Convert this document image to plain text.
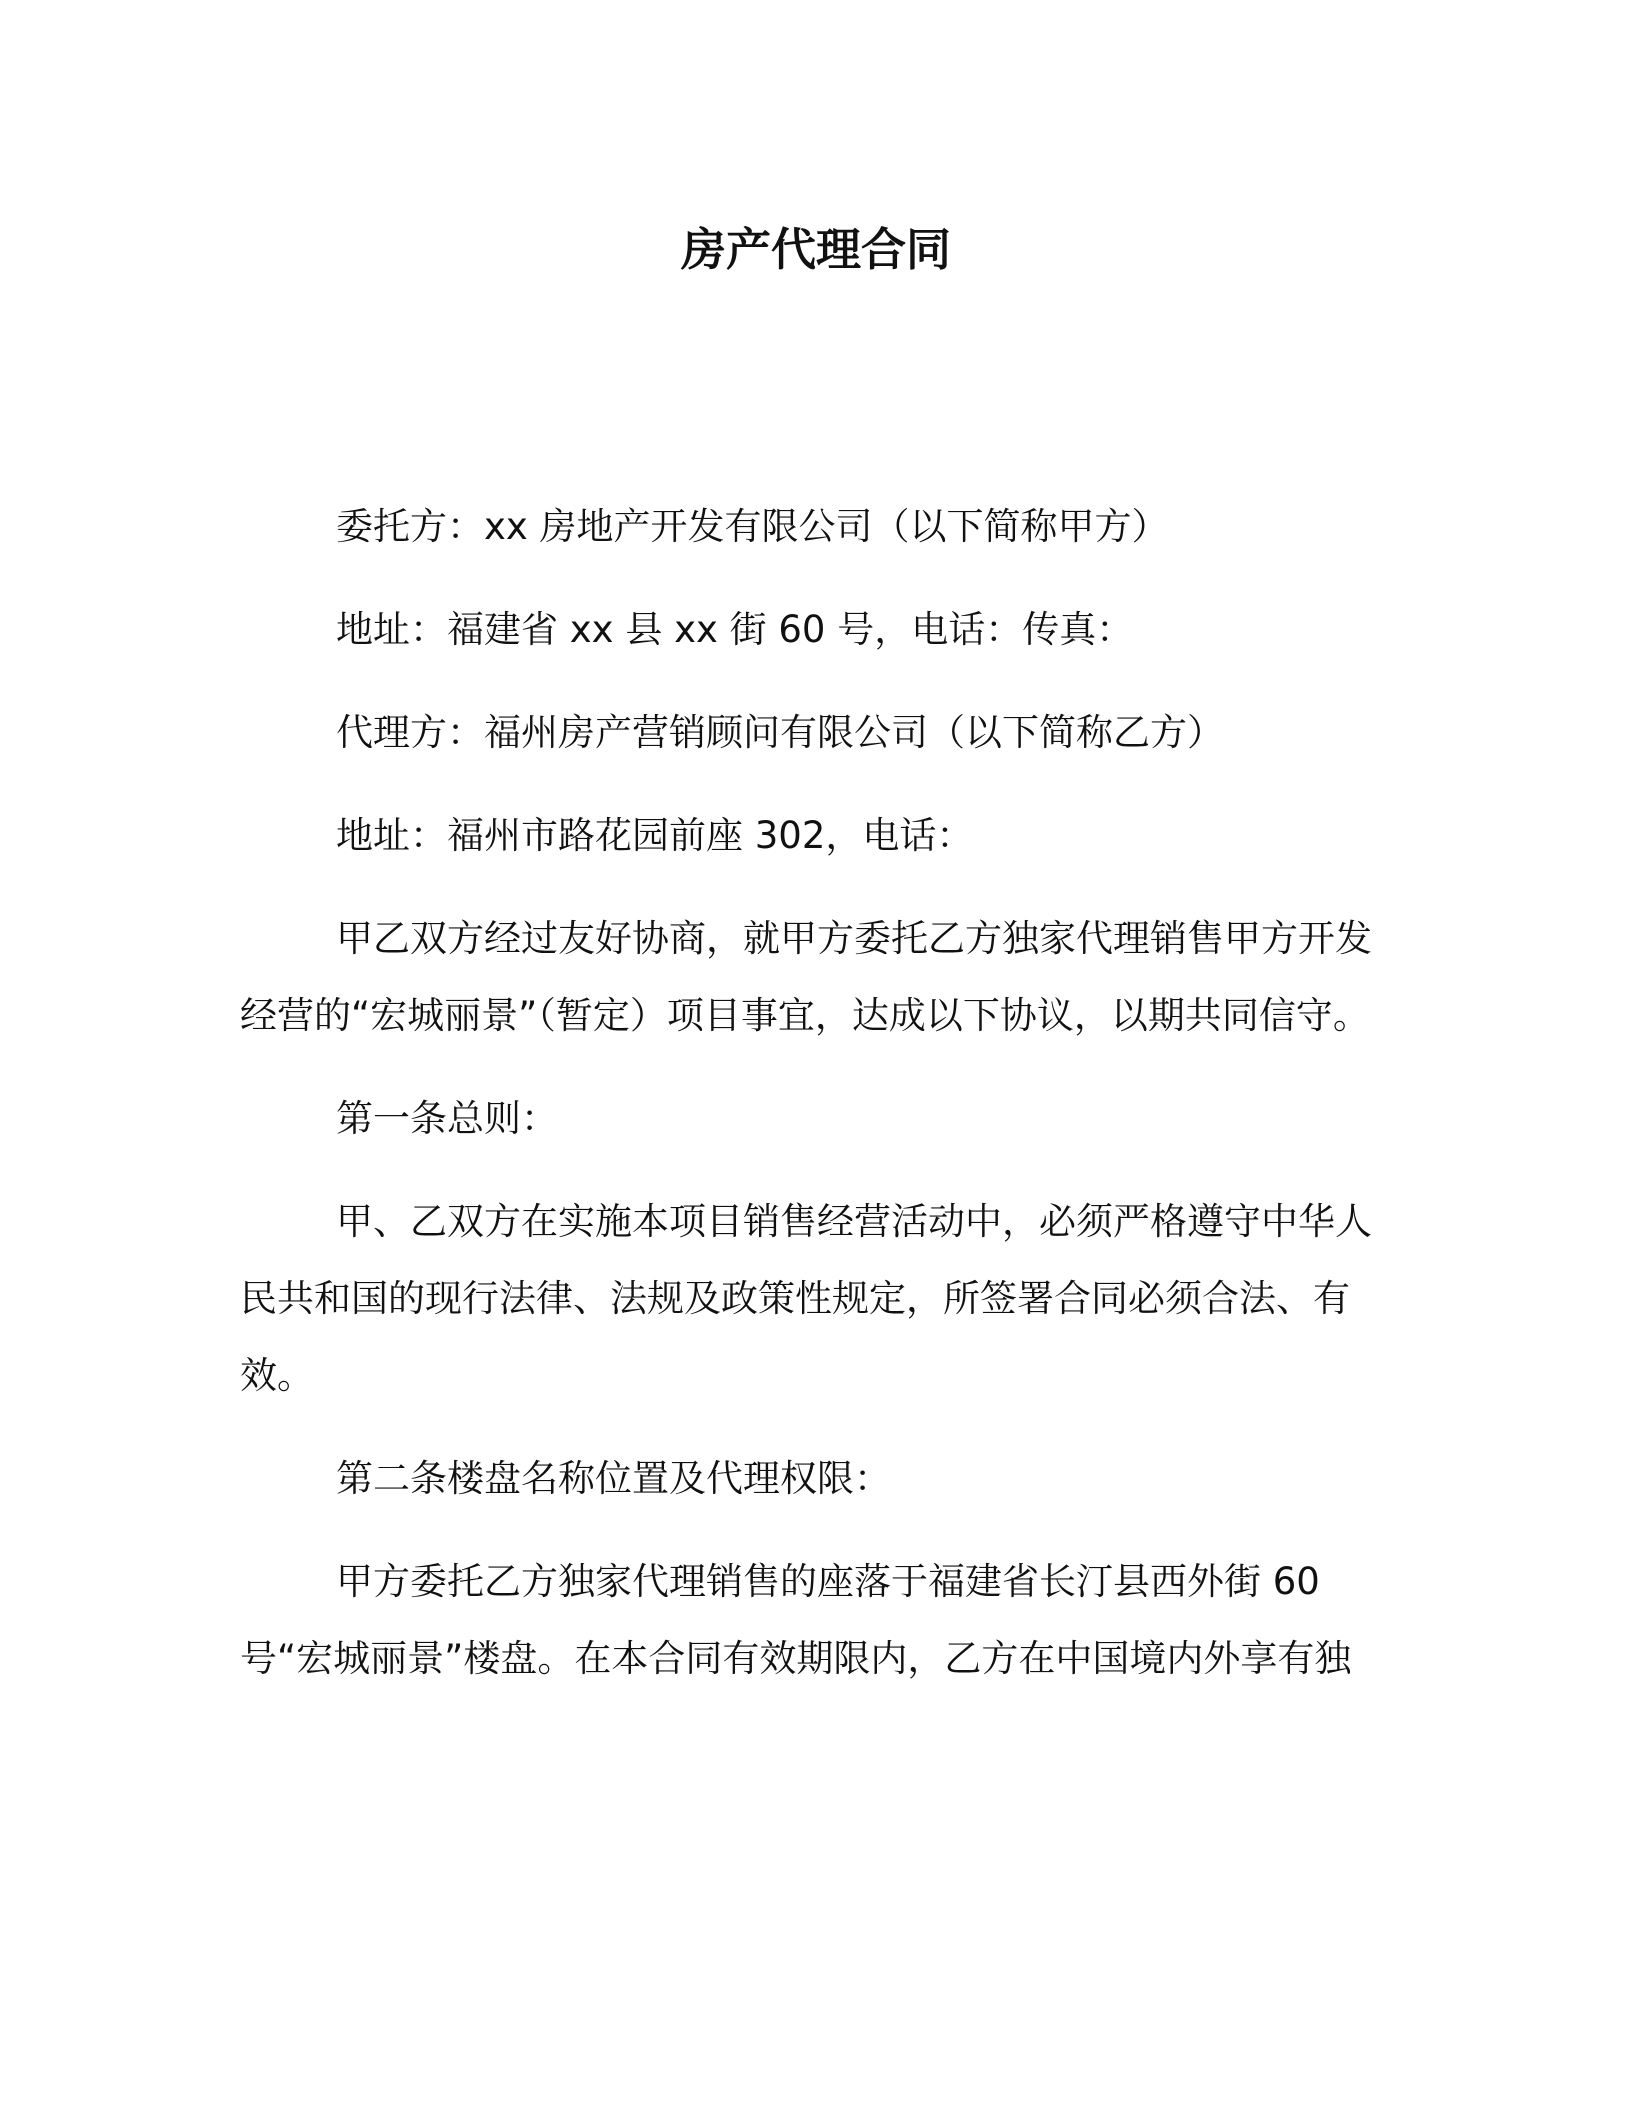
房产代理合同

委托方：xx 房地产开发有限公司（以下简称甲方）

地址：福建省 xx 县 xx 街 60 号，电话：传真：

代理方：福州房产营销顾问有限公司（以下简称乙方）

地址：福州市路花园前座 302，电话：

甲乙双方经过友好协商，就甲方委托乙方独家代理销售甲方开发经营的“宏城丽景”（暂定）项目事宜，达成以下协议，以期共同信守。

第一条总则：

甲、乙双方在实施本项目销售经营活动中，必须严格遵守中华人民共和国的现行法律、法规及政策性规定，所签署合同必须合法、有效。

第二条楼盘名称位置及代理权限：

甲方委托乙方独家代理销售的座落于福建省长汀县西外街 60 号“宏城丽景”楼盘。在本合同有效期限内，乙方在中国境内外享有独
